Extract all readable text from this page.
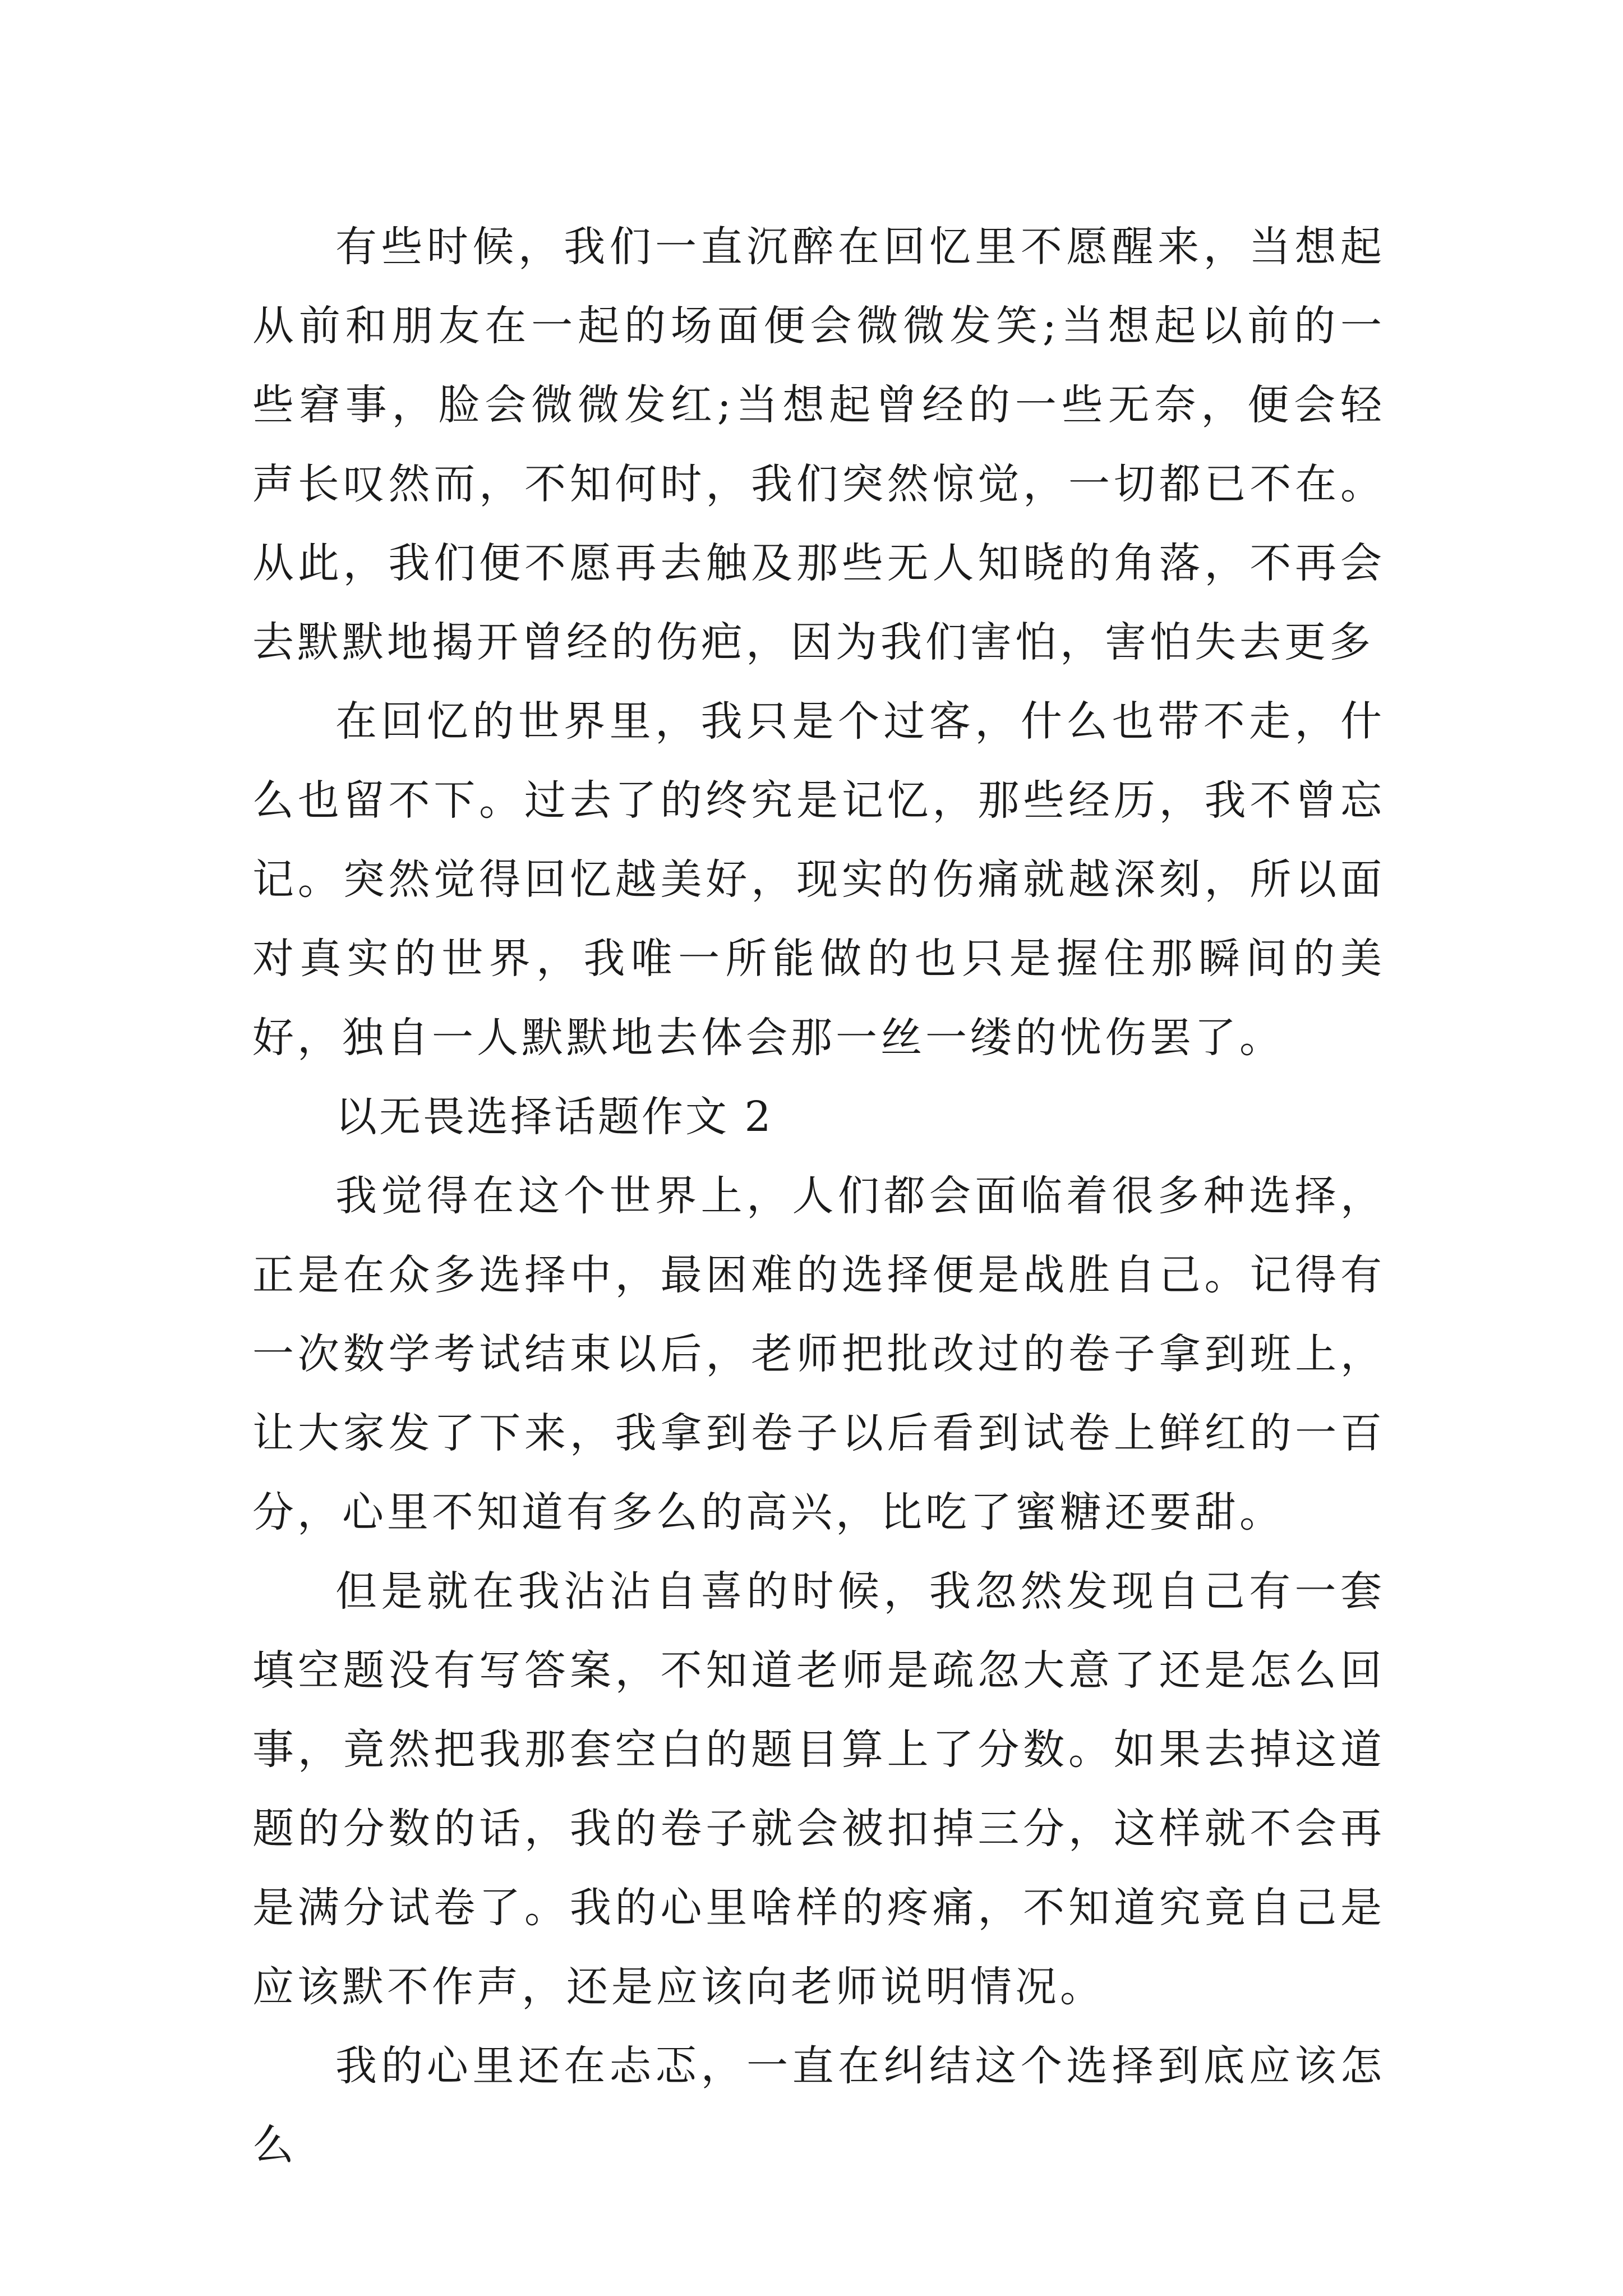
有些时候，我们一直沉醉在回忆里不愿醒来，当想起从前和朋友在一起的场面便会微微发笑;当想起以前的一些窘事，脸会微微发红;当想起曾经的一些无奈，便会轻声长叹然而，不知何时，我们突然惊觉，一切都已不在。从此，我们便不愿再去触及那些无人知晓的角落，不再会去默默地揭开曾经的伤疤，因为我们害怕，害怕失去更多

在回忆的世界里，我只是个过客，什么也带不走，什么也留不下。过去了的终究是记忆，那些经历，我不曾忘记。突然觉得回忆越美好，现实的伤痛就越深刻，所以面对真实的世界，我唯一所能做的也只是握住那瞬间的美好，独自一人默默地去体会那一丝一缕的忧伤罢了。

以无畏选择话题作文 2

我觉得在这个世界上，人们都会面临着很多种选择，正是在众多选择中，最困难的选择便是战胜自己。记得有一次数学考试结束以后，老师把批改过的卷子拿到班上，让大家发了下来，我拿到卷子以后看到试卷上鲜红的一百分，心里不知道有多么的高兴，比吃了蜜糖还要甜。

但是就在我沾沾自喜的时候，我忽然发现自己有一套填空题没有写答案，不知道老师是疏忽大意了还是怎么回事，竟然把我那套空白的题目算上了分数。如果去掉这道题的分数的话，我的卷子就会被扣掉三分，这样就不会再是满分试卷了。我的心里啥样的疼痛，不知道究竟自己是应该默不作声，还是应该向老师说明情况。

我的心里还在忐忑，一直在纠结这个选择到底应该怎么
